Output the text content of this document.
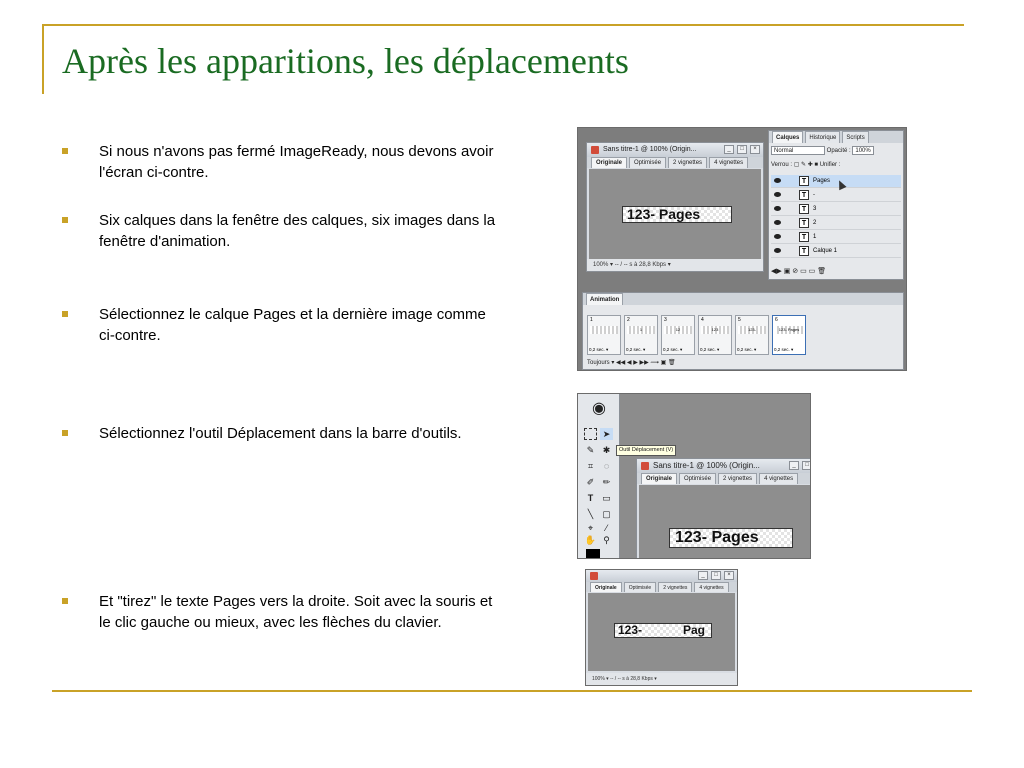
Après les apparitions, les déplacements
Si nous n'avons pas fermé ImageReady, nous devons avoir l'écran ci-contre.
Six calques dans la fenêtre des calques, six images dans la fenêtre d'animation.
Sélectionnez le calque Pages et la dernière image comme ci-contre.
Sélectionnez l'outil Déplacement dans la barre d'outils.
Et "tirez" le texte Pages vers la droite. Soit avec la souris et le clic gauche ou mieux, avec les flèches du clavier.
Sans titre-1 @ 100% (Origin...	_	□	×
Originale	Optimisée	2 vignettes	4 vignettes
123- Pages
100% ▾ -- / -- s à 28,8 Kbps ▾
Calques	Historique	Scripts
Normal	Opacité : 100%
Verrou : ▢ ✎ ✚ ■ Unifier :
T	Pages
T	-
T	3
T	2
T	1
T	Calque 1
◀▶ ▣ ⊘ ▭ ▭ 🗑
Animation
1
0,2 sec. ▾
2
1
0,2 sec. ▾
3
12
0,2 sec. ▾
4
123
0,2 sec. ▾
5
123-
0,2 sec. ▾
6
123- Pages
0,2 sec. ▾
Toujours ▾ ◀◀ ◀ ▶ ▶▶ ⟿ ▣ 🗑
◉
➤
✎ ✱
⌗	◌
✐ ✏
T ▭
╲	▢
⌖	⁄
✋ ⚲
Outil Déplacement (V)
Sans titre-1 @ 100% (Origin...	_	□
Originale	Optimisée	2 vignettes	4 vignettes
123- Pages
_	□	×
Originale	Optimisée	2 vignettes	4 vignettes
123-	Pag
100% ▾ -- / -- s à 28,8 Kbps ▾
